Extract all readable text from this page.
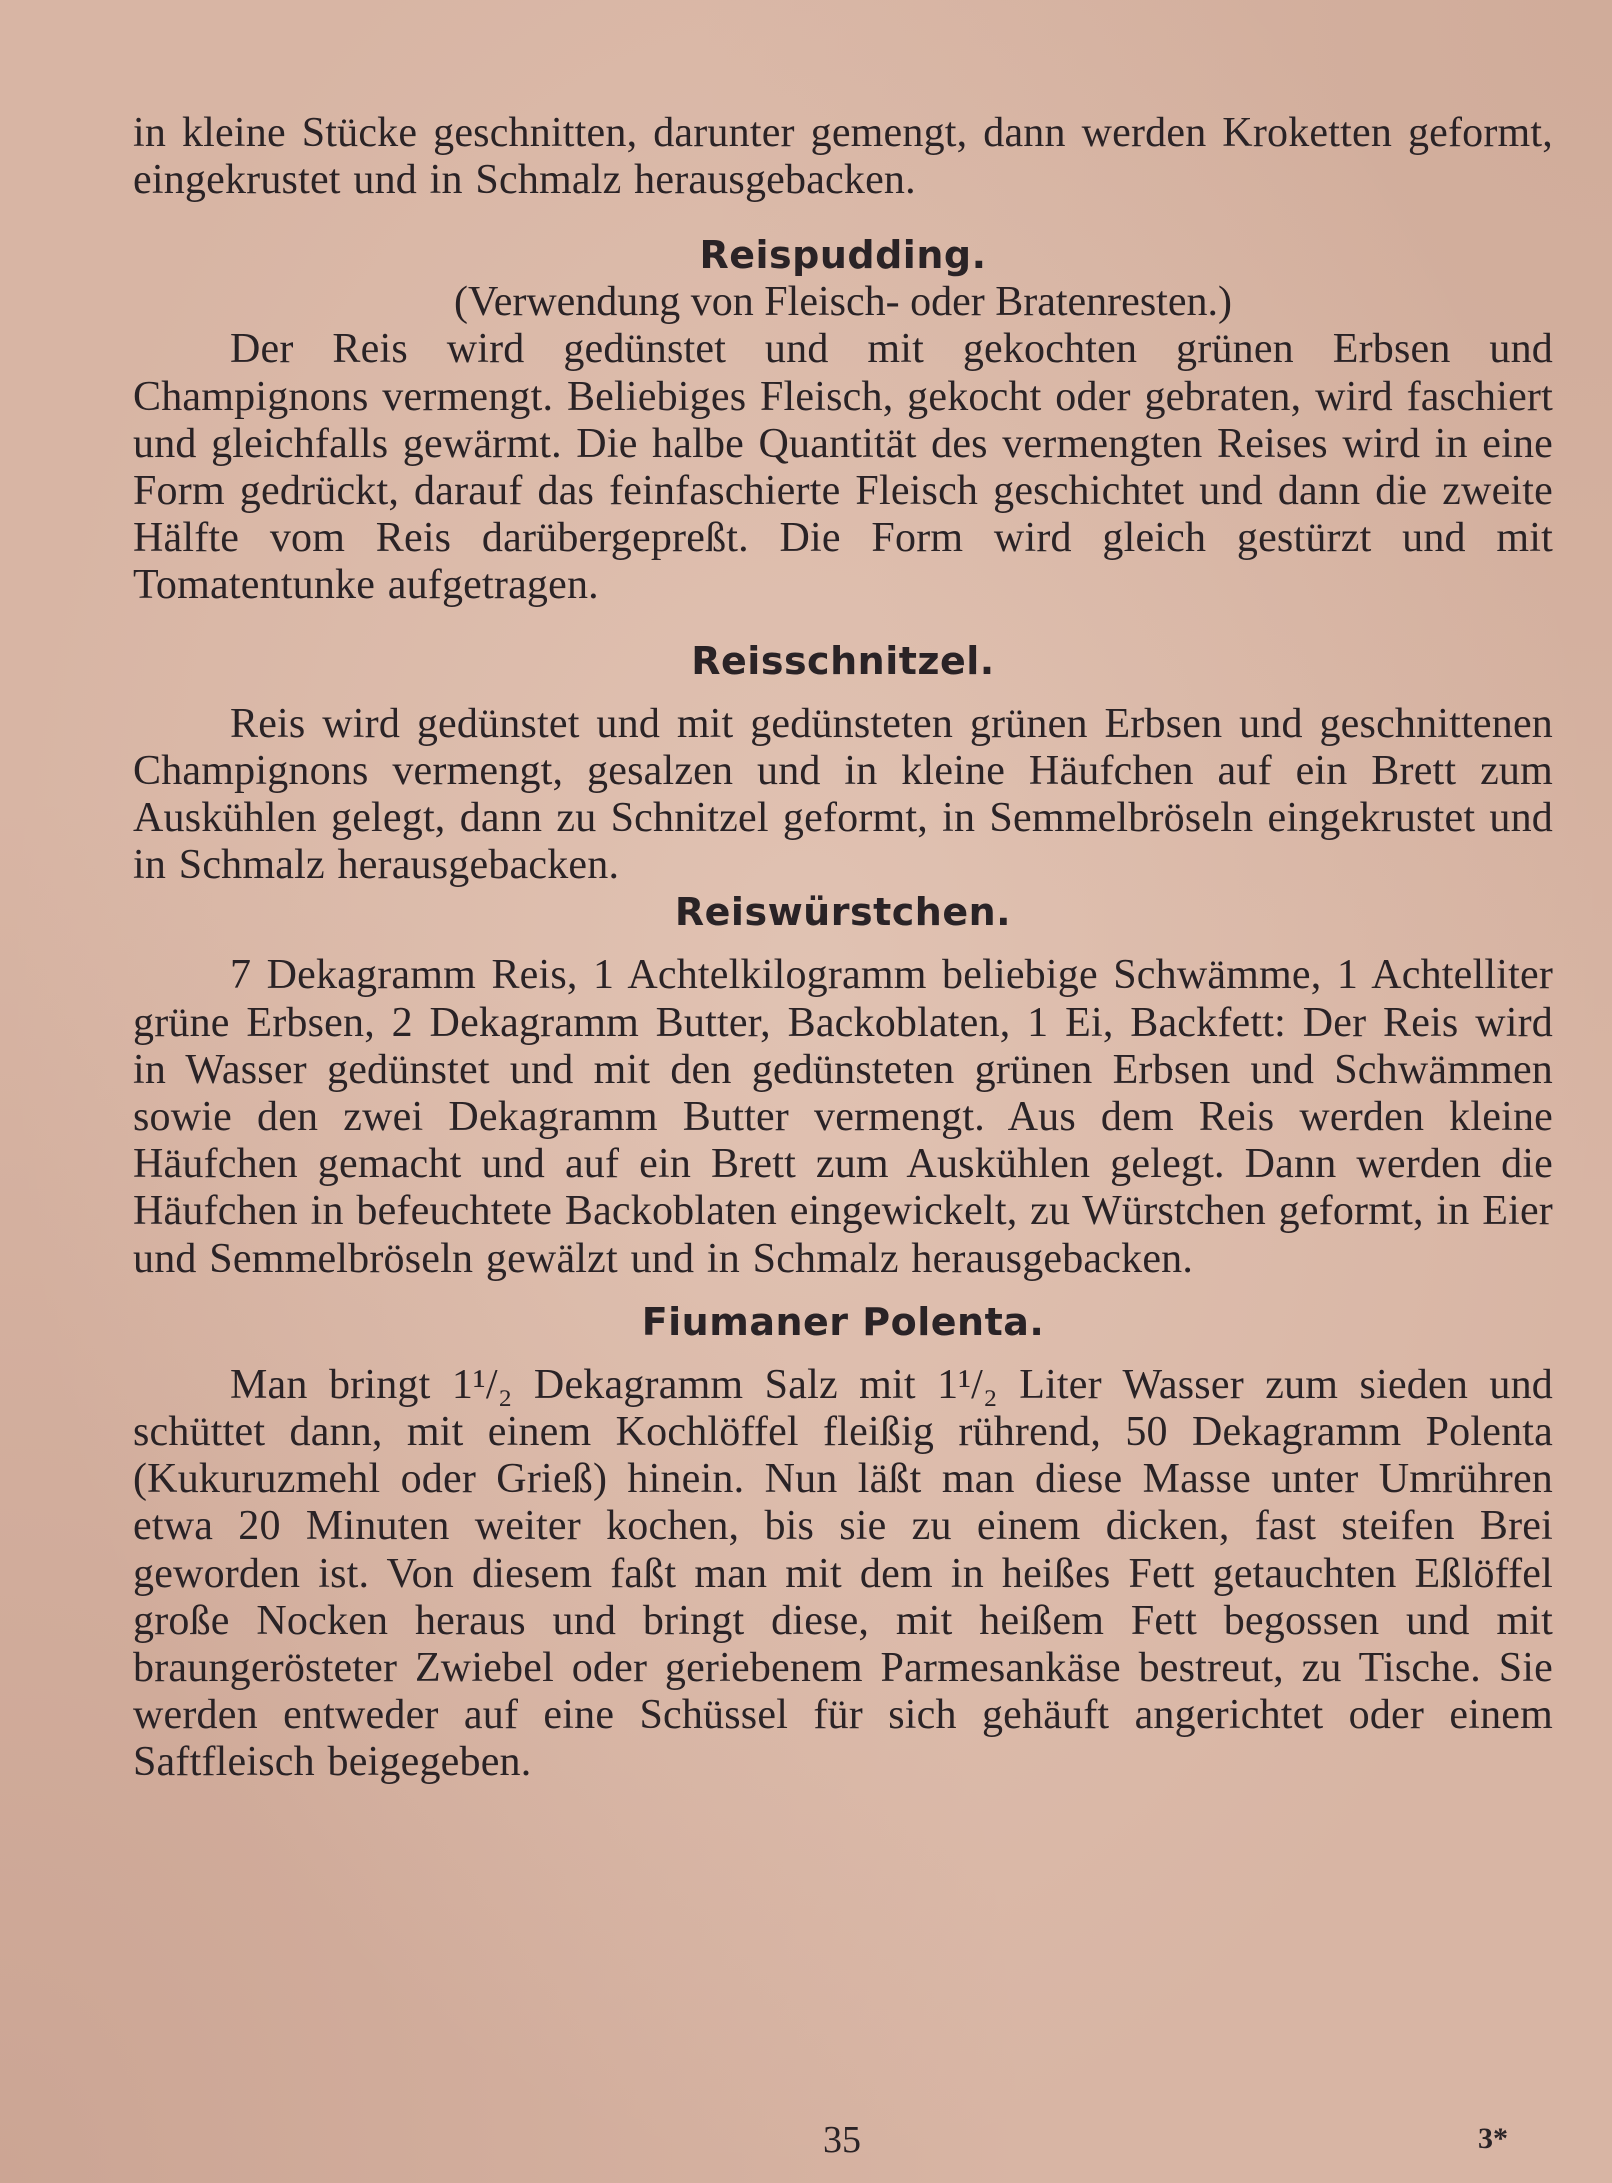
in kleine Stücke geschnitten, darunter gemengt, dann werden Kroketten geformt, eingekrustet und in Schmalz herausgebacken.

Reispudding.
(Verwendung von Fleisch- oder Bratenresten.)

Der Reis wird gedünstet und mit gekochten grünen Erbsen und Champignons vermengt. Beliebiges Fleisch, gekocht oder gebraten, wird faschiert und gleichfalls gewärmt. Die halbe Quantität des vermengten Reises wird in eine Form gedrückt, darauf das feinfaschierte Fleisch geschichtet und dann die zweite Hälfte vom Reis darübergepreßt. Die Form wird gleich gestürzt und mit Tomatentunke aufgetragen.

Reisschnitzel.

Reis wird gedünstet und mit gedünsteten grünen Erbsen und geschnittenen Champignons vermengt, gesalzen und in kleine Häufchen auf ein Brett zum Auskühlen gelegt, dann zu Schnitzel geformt, in Semmelbröseln eingekrustet und in Schmalz herausgebacken.

Reiswürstchen.

7 Dekagramm Reis, 1 Achtelkilogramm beliebige Schwämme, 1 Achtelliter grüne Erbsen, 2 Dekagramm Butter, Backoblaten, 1 Ei, Backfett: Der Reis wird in Wasser gedünstet und mit den gedünsteten grünen Erbsen und Schwämmen sowie den zwei Dekagramm Butter vermengt. Aus dem Reis werden kleine Häufchen gemacht und auf ein Brett zum Auskühlen gelegt. Dann werden die Häufchen in befeuchtete Backoblaten eingewickelt, zu Würstchen geformt, in Eier und Semmelbröseln gewälzt und in Schmalz herausgebacken.

Fiumaner Polenta.

Man bringt 1¹/₂ Dekagramm Salz mit 1¹/₂ Liter Wasser zum sieden und schüttet dann, mit einem Kochlöffel fleißig rührend, 50 Dekagramm Polenta (Kukuruzmehl oder Grieß) hinein. Nun läßt man diese Masse unter Umrühren etwa 20 Minuten weiter kochen, bis sie zu einem dicken, fast steifen Brei geworden ist. Von diesem faßt man mit dem in heißes Fett getauchten Eßlöffel große Nocken heraus und bringt diese, mit heißem Fett begossen und mit braungerösteter Zwiebel oder geriebenem Parmesankäse bestreut, zu Tische. Sie werden entweder auf eine Schüssel für sich gehäuft angerichtet oder einem Saftfleisch beigegeben.

35	3*
